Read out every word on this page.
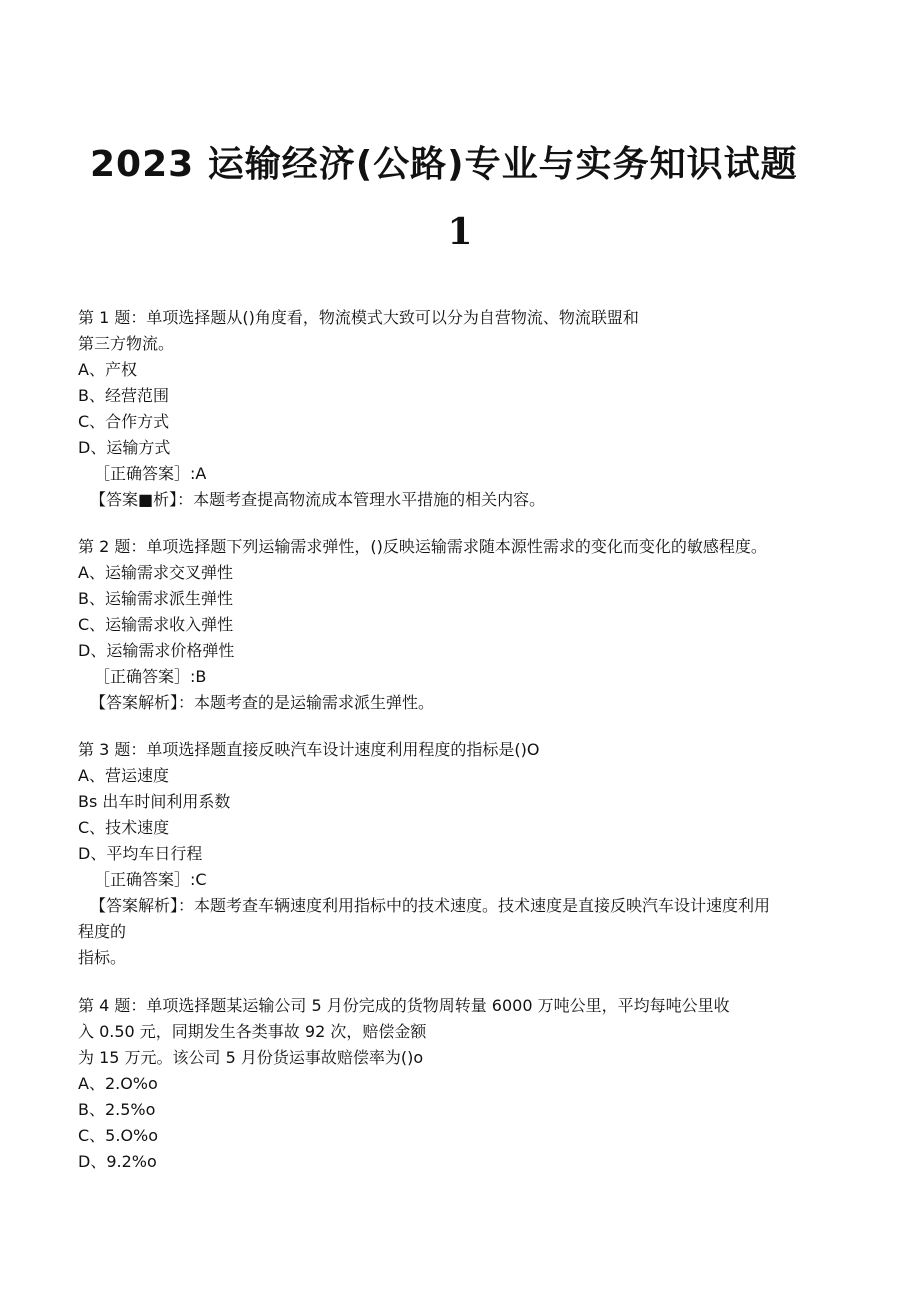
2023 运输经济(公路)专业与实务知识试题
1
第 1 题：单项选择题从()角度看，物流模式大致可以分为自营物流、物流联盟和
第三方物流。
A、产权
B、经营范围
C、合作方式
D、运输方式
［正确答案］:A
【答案■析】：本题考查提高物流成本管理水平措施的相关内容。
第 2 题：单项选择题下列运输需求弹性，()反映运输需求随本源性需求的变化而变化的敏感程度。
A、运输需求交叉弹性
B、运输需求派生弹性
C、运输需求收入弹性
D、运输需求价格弹性
［正确答案］:B
【答案解析】：本题考查的是运输需求派生弹性。
第 3 题：单项选择题直接反映汽车设计速度利用程度的指标是()O
A、营运速度
Bs 出车时间利用系数
C、技术速度
D、平均车日行程
［正确答案］:C
【答案解析】：本题考查车辆速度利用指标中的技术速度。技术速度是直接反映汽车设计速度利用
程度的
指标。
第 4 题：单项选择题某运输公司 5 月份完成的货物周转量 6000 万吨公里，平均每吨公里收
入 0.50 元，同期发生各类事故 92 次，赔偿金额
为 15 万元。该公司 5 月份货运事故赔偿率为()o
A、2.O%o
B、2.5%o
C、5.O%o
D、9.2%o
